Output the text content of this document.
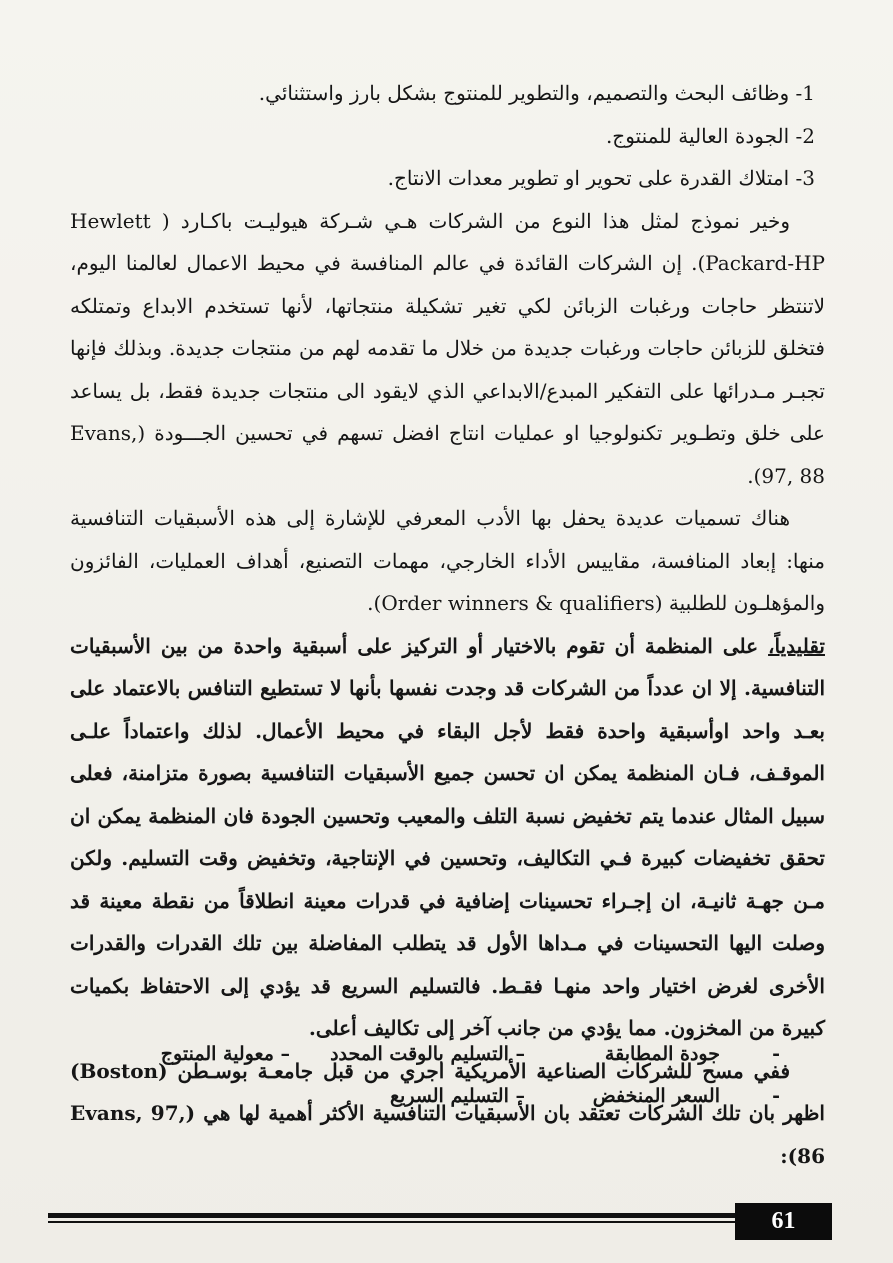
1- وظائف البحث والتصميم، والتطوير للمنتوج بشكل بارز واستثنائي.

2- الجودة العالية للمنتوج.

3- امتلاك القدرة على تحوير او تطوير معدات الانتاج.

وخير نموذج لمثل هذا النوع من الشركات هـي شـركة هيوليـت باكـارد ( Hewlett Packard-HP). إن الشركات القائدة في عالم المنافسة في محيط الاعمال لعالمنا اليوم، لاتنتظر حاجات ورغبات الزبائن لكي تغير تشكيلة منتجاتها، لأنها تستخدم الابداع وتمتلكه فتخلق للزبائن حاجات ورغبات جديدة من خلال ما تقدمه لهم من منتجات جديدة. وبذلك فإنها تجبـر مـدرائها على التفكير المبدع/الابداعي الذي لايقود الى منتجات جديدة فقط، بل يساعد على خلق وتطـوير تكنولوجيا او عمليات انتاج افضل تسهم في تحسين الجـــودة (Evans, 97, 88).

هناك تسميات عديدة يحفل بها الأدب المعرفي للإشارة إلى هذه الأسبقيات التنافسية منها: إبعاد المنافسة، مقاييس الأداء الخارجي، مهمات التصنيع، أهداف العمليات، الفائزون والمؤهلـون للطلبية (Order winners & qualifiers).

تقليدياً، على المنظمة أن تقوم بالاختيار أو التركيز على أسبقية واحدة من بين الأسبقيات التنافسية. إلا ان عدداً من الشركات قد وجدت نفسها بأنها لا تستطيع التنافس بالاعتماد على بعـد واحد اوأسبقية واحدة فقط لأجل البقاء في محيط الأعمال. لذلك واعتماداً علـى الموقـف، فـان المنظمة يمكن ان تحسن جميع الأسبقيات التنافسية بصورة متزامنة، فعلى سبيل المثال عندما يتم تخفيض نسبة التلف والمعيب وتحسين الجودة فان المنظمة يمكن ان تحقق تخفيضات كبيرة فـي التكاليف، وتحسين في الإنتاجية، وتخفيض وقت التسليم. ولكن مـن جهـة ثانيـة، ان إجـراء تحسينات إضافية في قدرات معينة انطلاقاً من نقطة معينة قد وصلت اليها التحسينات في مـداها الأول قد يتطلب المفاضلة بين تلك القدرات والقدرات الأخرى لغرض اختيار واحد منهـا فقـط. فالتسليم السريع قد يؤدي إلى الاحتفاظ بكميات كبيرة من المخزون. مما يؤدي من جانب آخر إلى تكاليف أعلى.

ففي مسح للشركات الصناعية الأمريكية اجري من قبل جامعـة بوسـطن (Boston) اظهر بان تلك الشركات تعتقد بان الأسبقيات التنافسية الأكثر أهمية لها هي (Evans, 97, 86):

-
جودة المطابقة
– التسليم بالوقت المحدد
– معولية المنتوج
-
السعر المنخفض
– التسليم السريع
61
